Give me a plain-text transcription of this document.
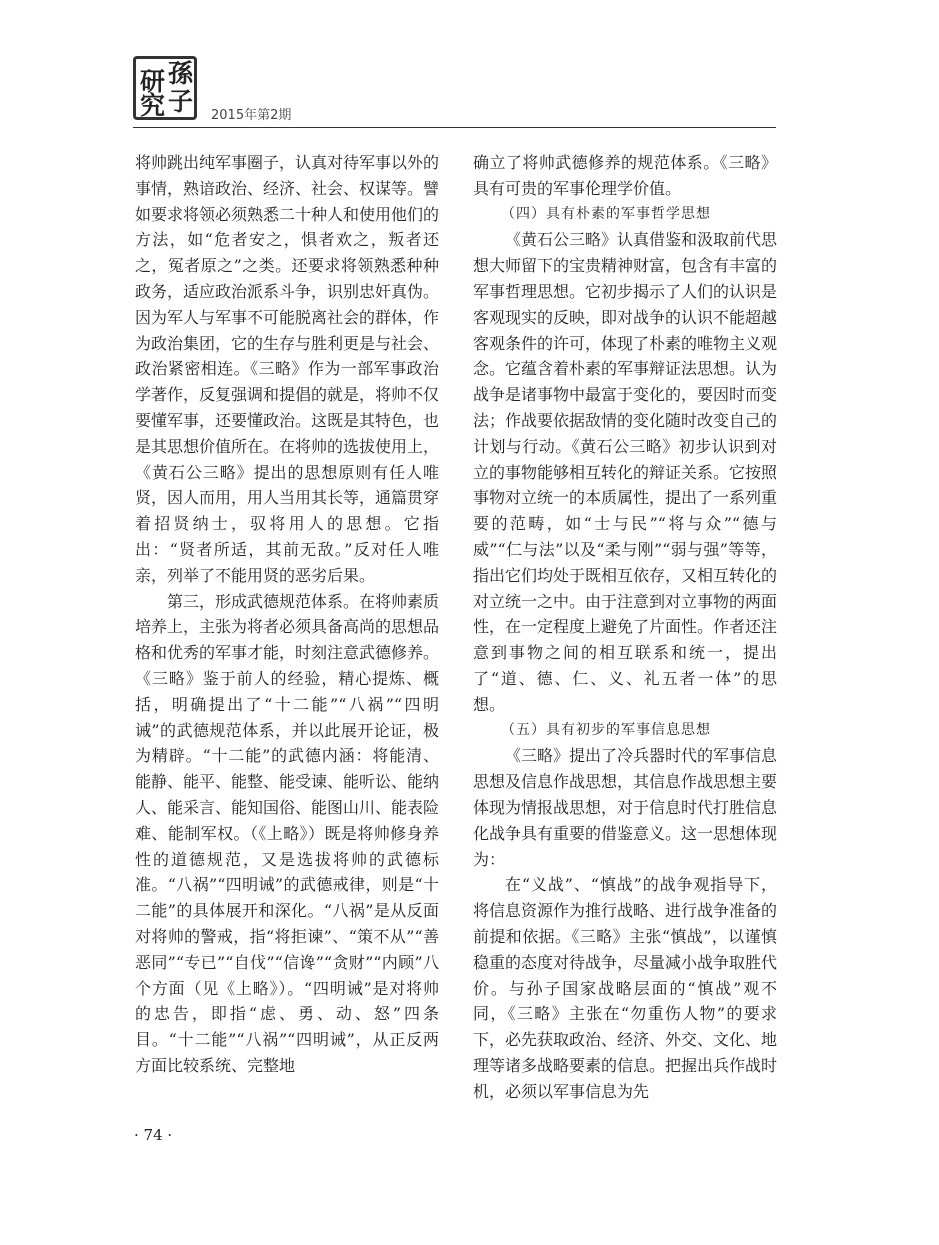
研 孫
究 子 2015年第2期

将帅跳出纯军事圈子，认真对待军事以外的事情，熟谙政治、经济、社会、权谋等。譬如要求将领必须熟悉二十种人和使用他们的方法，如“危者安之，惧者欢之，叛者还之，冤者原之”之类。还要求将领熟悉种种政务，适应政治派系斗争，识别忠奸真伪。因为军人与军事不可能脱离社会的群体，作为政治集团，它的生存与胜利更是与社会、政治紧密相连。《三略》作为一部军事政治学著作，反复强调和提倡的就是，将帅不仅要懂军事，还要懂政治。这既是其特色，也是其思想价值所在。在将帅的选拔使用上，《黄石公三略》提出的思想原则有任人唯贤，因人而用，用人当用其长等，通篇贯穿着招贤纳士，驭将用人的思想。它指出：“贤者所适，其前无敌。”反对任人唯亲，列举了不能用贤的恶劣后果。

第三，形成武德规范体系。在将帅素质培养上，主张为将者必须具备高尚的思想品格和优秀的军事才能，时刻注意武德修养。《三略》鉴于前人的经验，精心提炼、概括，明确提出了“十二能”“八祸”“四明诫”的武德规范体系，并以此展开论证，极为精辟。“十二能”的武德内涵：将能清、能静、能平、能整、能受谏、能听讼、能纳人、能采言、能知国俗、能图山川、能表险难、能制军权。（《上略》）既是将帅修身养性的道德规范，又是选拔将帅的武德标准。“八祸”“四明诫”的武德戒律，则是“十二能”的具体展开和深化。“八祸”是从反面对将帅的警戒，指“将拒谏”、“策不从”“善恶同”“专已”“自伐”“信谗”“贪财”“内顾”八个方面（见《上略》）。“四明诫”是对将帅的忠告，即指“虑、勇、动、怒”四条目。“十二能”“八祸”“四明诫”，从正反两方面比较系统、完整地

确立了将帅武德修养的规范体系。《三略》具有可贵的军事伦理学价值。

（四）具有朴素的军事哲学思想

《黄石公三略》认真借鉴和汲取前代思想大师留下的宝贵精神财富，包含有丰富的军事哲理思想。它初步揭示了人们的认识是客观现实的反映，即对战争的认识不能超越客观条件的许可，体现了朴素的唯物主义观念。它蕴含着朴素的军事辩证法思想。认为战争是诸事物中最富于变化的，要因时而变法；作战要依据敌情的变化随时改变自己的计划与行动。《黄石公三略》初步认识到对立的事物能够相互转化的辩证关系。它按照事物对立统一的本质属性，提出了一系列重要的范畴，如“士与民”“将与众”“德与威”“仁与法”以及“柔与刚”“弱与强”等等，指出它们均处于既相互依存，又相互转化的对立统一之中。由于注意到对立事物的两面性，在一定程度上避免了片面性。作者还注意到事物之间的相互联系和统一，提出了“道、德、仁、义、礼五者一体”的思想。

（五）具有初步的军事信息思想

《三略》提出了冷兵器时代的军事信息思想及信息作战思想，其信息作战思想主要体现为情报战思想，对于信息时代打胜信息化战争具有重要的借鉴意义。这一思想体现为：

在“义战”、“慎战”的战争观指导下，将信息资源作为推行战略、进行战争准备的前提和依据。《三略》主张“慎战”，以谨慎稳重的态度对待战争，尽量减小战争取胜代价。与孙子国家战略层面的“慎战”观不同，《三略》主张在“勿重伤人物”的要求下，必先获取政治、经济、外交、文化、地理等诸多战略要素的信息。把握出兵作战时机，必须以军事信息为先

· 74 ·
